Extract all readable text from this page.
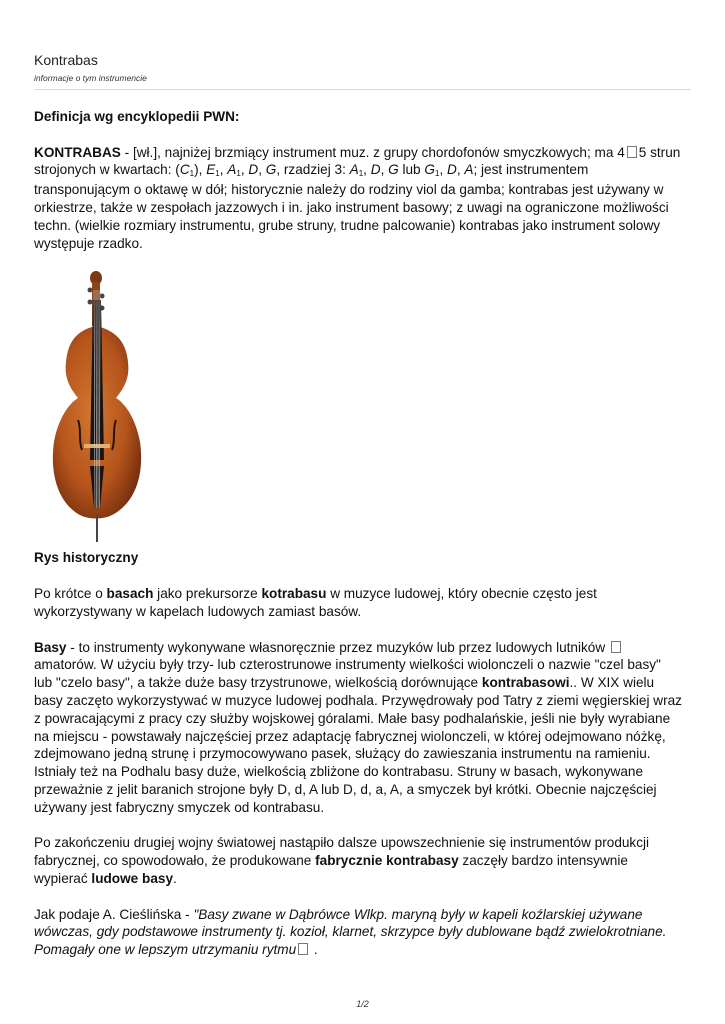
Kontrabas
informacje o tym instrumencie

Definicja wg encyklopedii PWN:

KONTRABAS - [wł.], najniżej brzmiący instrument muz. z grupy chordofonów smyczkowych; ma 4 5 strun strojonych w kwartach: $(C_1)$, $E_1$, $A_1$, D, G, rzadziej 3: $A_1$, D, G lub $G_1$, D, A; jest instrumentem transponującym o oktawę w dół; historycznie należy do rodziny viol da gamba; kontrabas jest używany w orkiestrze, także w zespołach jazzowych i in. jako instrument basowy; z uwagi na ograniczone możliwości techn. (wielkie rozmiary instrumentu, grube struny, trudne palcowanie) kontrabas jako instrument solowy występuje rzadko.

Rys historyczny

Po krótce o basach jako prekursorze kotrabasu w muzyce ludowej, który obecnie często jest wykorzystywany w kapelach ludowych zamiast basów.

Basy - to instrumenty wykonywane własnoręcznie przez muzyków lub przez ludowych lutników  amatorów. W użyciu były trzy- lub czterostrunowe instrumenty wielkości wiolonczeli o nazwie "czel basy" lub "czelo basy", a także duże basy trzystrunowe, wielkością dorównujące kontrabasowi.. W XIX wielu basy zaczęto wykorzystywać w muzyce ludowej podhala. Przywędrowały pod Tatry z ziemi węgierskiej wraz z powracającymi z pracy czy służby wojskowej góralami. Małe basy podhalańskie, jeśli nie były wyrabiane na miejscu - powstawały najczęściej przez adaptację fabrycznej wiolonczeli, w której odejmowano nóżkę, zdejmowano jedną strunę i przymocowywano pasek, służący do zawieszania instrumentu na ramieniu. Istniały też na Podhalu basy duże, wielkością zbliżone do kontrabasu. Struny w basach, wykonywane przeważnie z jelit baranich strojone były D, d, A lub D, d, a, A, a smyczek był krótki. Obecnie najczęściej używany jest fabryczny smyczek od kontrabasu.

Po zakończeniu drugiej wojny światowej nastąpiło dalsze upowszechnienie się instrumentów produkcji fabrycznej, co spowodowało, że produkowane fabrycznie kontrabasy zaczęły bardzo intensywnie wypierać ludowe basy.

Jak podaje A. Cieślińska - "Basy zwane w Dąbrówce Wlkp. maryną były w kapeli koźlarskiej używane wówczas, gdy podstawowe instrumenty tj. kozioł, klarnet, skrzypce były dublowane bądź zwielokrotniane. Pomagały one w lepszym utrzymaniu rytmu .

1/2
